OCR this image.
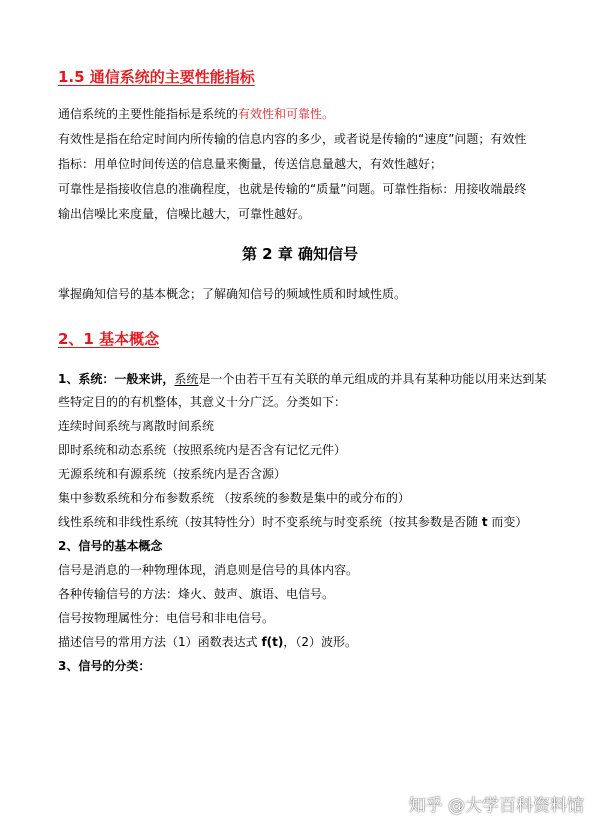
1.5 通信系统的主要性能指标
通信系统的主要性能指标是系统的有效性和可靠性。
有效性是指在给定时间内所传输的信息内容的多少，或者说是传输的“速度”问题；有效性
指标：用单位时间传送的信息量来衡量，传送信息量越大，有效性越好；
可靠性是指接收信息的准确程度，也就是传输的“质量”问题。可靠性指标：用接收端最终
输出信噪比来度量，信噪比越大，可靠性越好。
第 2 章 确知信号
掌握确知信号的基本概念；了解确知信号的频域性质和时域性质。
2、1 基本概念
1、系统：一般来讲，系统是一个由若干互有关联的单元组成的并具有某种功能以用来达到某
些特定目的的有机整体，其意义十分广泛。分类如下：
连续时间系统与离散时间系统
即时系统和动态系统（按照系统内是否含有记忆元件）
无源系统和有源系统（按系统内是否含源）
集中参数系统和分布参数系统 （按系统的参数是集中的或分布的）
线性系统和非线性系统（按其特性分）时不变系统与时变系统（按其参数是否随 t 而变）
2、信号的基本概念
信号是消息的一种物理体现，消息则是信号的具体内容。
各种传输信号的方法：烽火、鼓声、旗语、电信号。
信号按物理属性分：电信号和非电信号。
描述信号的常用方法（1）函数表达式 f(t)，（2）波形。
3、信号的分类：
知乎 @大学百科资料馆
